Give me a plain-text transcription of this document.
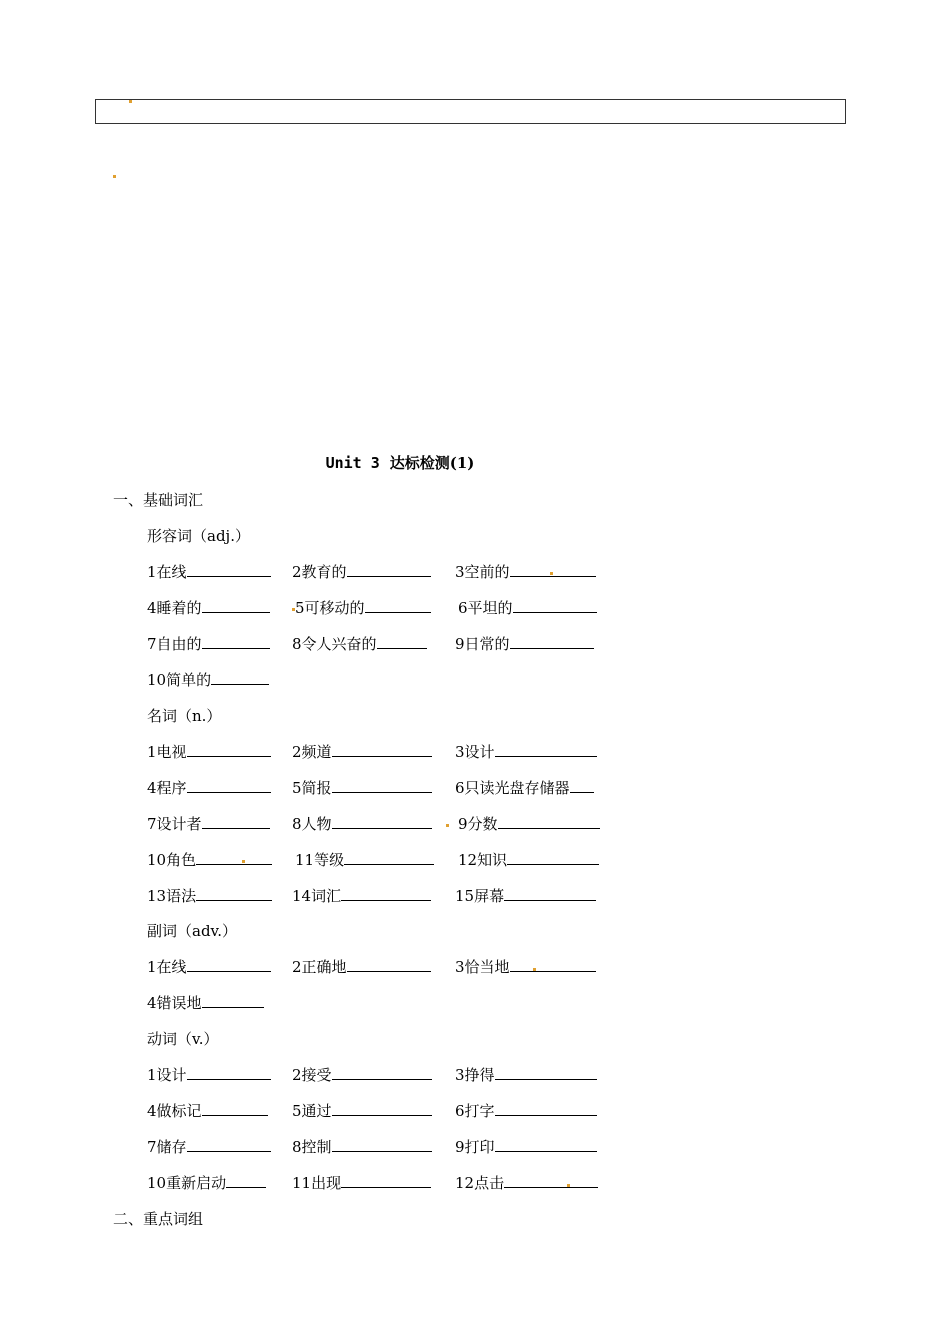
Unit 3 达标检测(1)
一、基础词汇
形容词（adj.）
1在线	2教育的	3空前的
4睡着的	5可移动的	6平坦的
7自由的	8令人兴奋的	9日常的
10简单的
名词（n.）
1电视	2频道	3设计
4程序	5简报	6只读光盘存储器
7设计者	8人物	9分数
10角色	11等级	12知识
13语法	14词汇	15屏幕
副词（adv.）
1在线	2正确地	3恰当地
4错误地
动词（v.）
1设计	2接受	3挣得
4做标记	5通过	6打字
7储存	8控制	9打印
10重新启动	11出现	12点击
二、重点词组
